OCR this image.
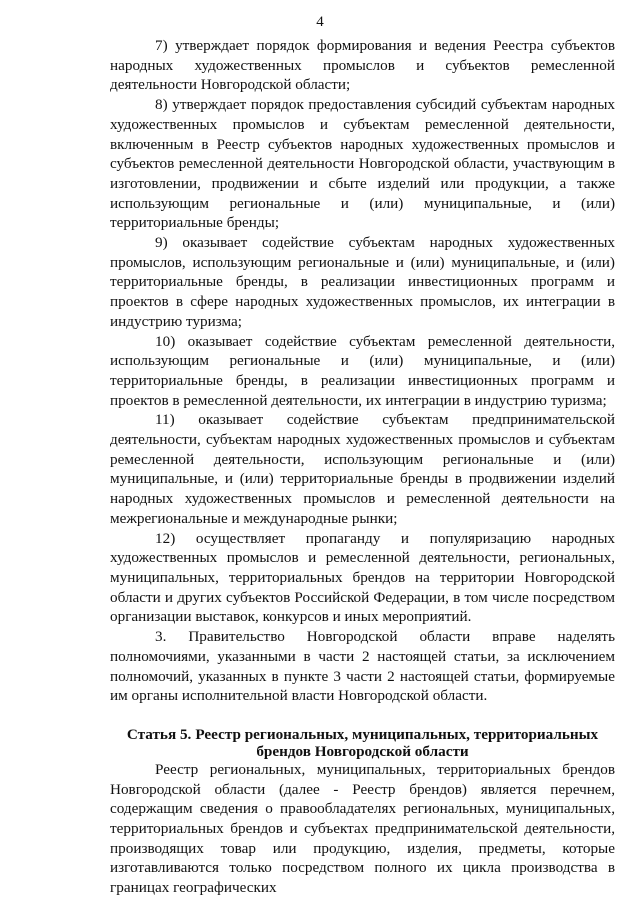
4

7) утверждает порядок формирования и ведения Реестра субъектов народных художественных промыслов и субъектов ремесленной деятельности Новгородской области;

8) утверждает порядок предоставления субсидий субъектам народных художественных промыслов и субъектам ремесленной деятельности, включенным в Реестр субъектов народных художественных промыслов и субъектов ремесленной деятельности Новгородской области, участвующим в изготовлении, продвижении и сбыте изделий или продукции, а также использующим региональные и (или) муниципальные, и (или) территориальные бренды;

9) оказывает содействие субъектам народных художественных промыслов, использующим региональные и (или) муниципальные, и (или) территориальные бренды, в реализации инвестиционных программ и проектов в сфере народных художественных промыслов, их интеграции в индустрию туризма;

10) оказывает содействие субъектам ремесленной деятельности, использующим региональные и (или) муниципальные, и (или) территориальные бренды, в реализации инвестиционных программ и проектов в ремесленной деятельности, их интеграции в индустрию туризма;

11) оказывает содействие субъектам предпринимательской деятельности, субъектам народных художественных промыслов и субъектам ремесленной деятельности, использующим региональные и (или) муниципальные, и (или) территориальные бренды в продвижении изделий народных художественных промыслов и ремесленной деятельности на межрегиональные и международные рынки;

12) осуществляет пропаганду и популяризацию народных художественных промыслов и ремесленной деятельности, региональных, муниципальных, территориальных брендов на территории Новгородской области и других субъектов Российской Федерации, в том числе посредством организации выставок, конкурсов и иных мероприятий.

3. Правительство Новгородской области вправе наделять полномочиями, указанными в части 2 настоящей статьи, за исключением полномочий, указанных в пункте 3 части 2 настоящей статьи, формируемые им органы исполнительной власти Новгородской области.

Статья 5. Реестр региональных, муниципальных, территориальных брендов Новгородской области

Реестр региональных, муниципальных, территориальных брендов Новгородской области (далее - Реестр брендов) является перечнем, содержащим сведения о правообладателях региональных, муниципальных, территориальных брендов и субъектах предпринимательской деятельности, производящих товар или продукцию, изделия, предметы, которые изготавливаются только посредством полного их цикла производства в границах географических
